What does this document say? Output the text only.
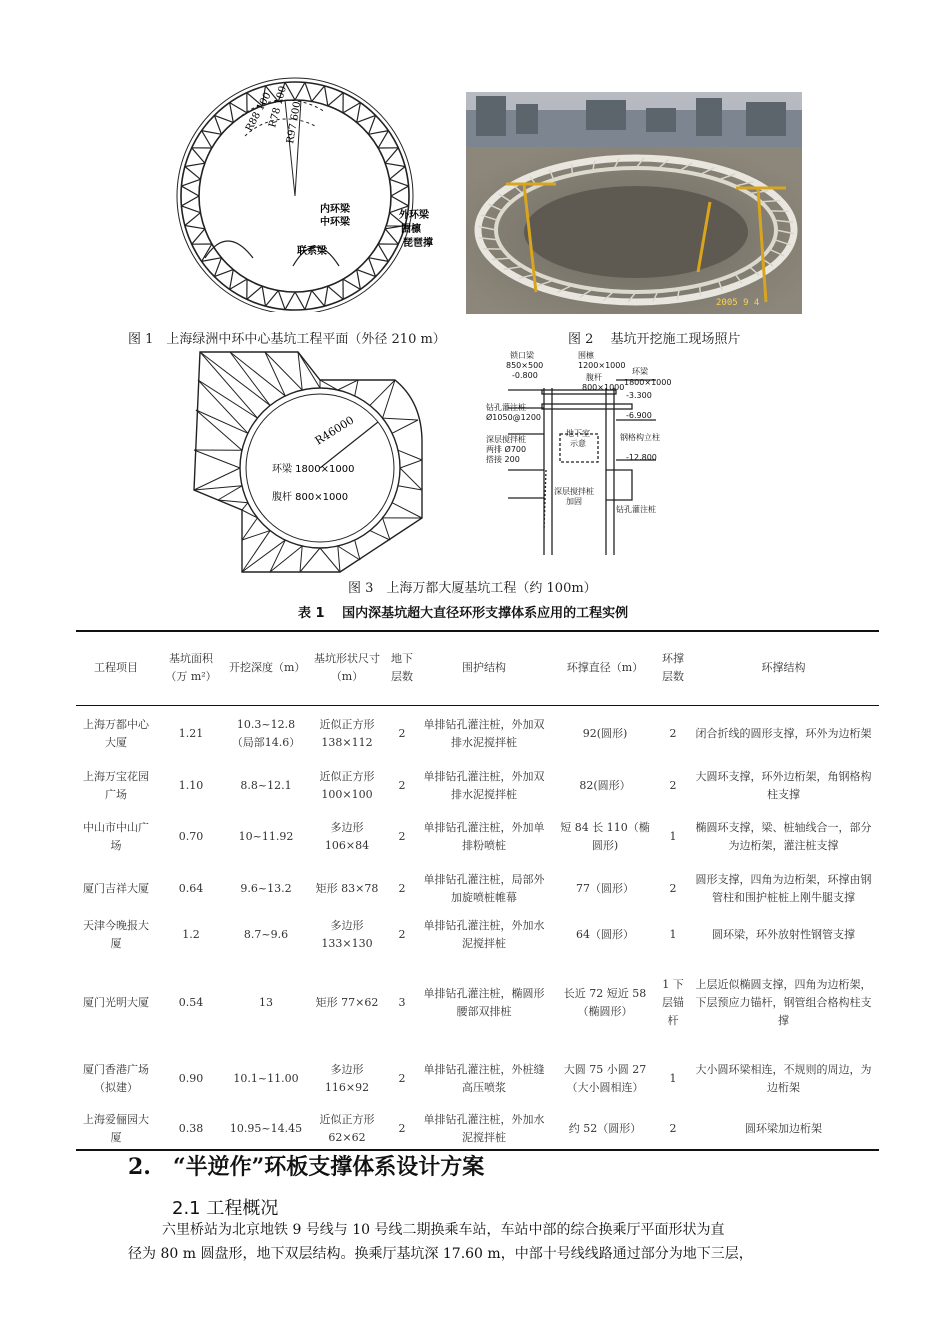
R88 100
R78 100
R97 600
内环梁
中环梁
外环梁
围檩
联系梁
琵琶撑
2005 9 4
图 1　上海绿洲中环中心基坑工程平面（外径 210 m）	图 2　 基坑开挖施工现场照片
R46000
环梁 1800×1000
腹杆 800×1000
锁口梁
850×500
-0.800
围檩
1200×1000
腹杆
800×1000
环梁
1800×1000
-3.300
钻孔灌注桩
Ø1050@1200	-6.900
深层搅拌桩
两排 Ø700
搭接 200
地下室
示意
钢格构立柱
-12.800
深层搅拌桩
加固
钻孔灌注桩
图 3　上海万都大厦基坑工程（约 100m）
表 1　 国内深基坑超大直径环形支撑体系应用的工程实例
工程项目	基坑面积（万 m²）	开挖深度（m）	基坑形状尺寸（m）	地下层数	围护结构	环撑直径（m）	环撑层数	环撑结构
上海万都中心大厦	1.21	10.3~12.8（局部14.6）	近似正方形 138×112	2	单排钻孔灌注桩，外加双排水泥搅拌桩	92(圆形)	2	闭合折线的圆形支撑，环外为边桁架
上海万宝花园广场	1.10	8.8~12.1	近似正方形 100×100	2	单排钻孔灌注桩，外加双排水泥搅拌桩	82(圆形）	2	大圆环支撑，环外边桁架，角钢格构柱支撑
中山市中山广场	0.70	10~11.92	多边形 106×84	2	单排钻孔灌注桩，外加单排粉喷桩	短 84 长 110（椭圆形)	1	椭圆环支撑，梁、桩轴线合一，部分为边桁架，灌注桩支撑
厦门吉祥大厦	0.64	9.6~13.2	矩形 83×78	2	单排钻孔灌注桩，局部外加旋喷桩帷幕	77（圆形）	2	圆形支撑，四角为边桁架，环撑由钢管柱和围护桩桩上刚牛腿支撑
天津今晚报大厦	1.2	8.7~9.6	多边形 133×130	2	单排钻孔灌注桩，外加水泥搅拌桩	64（圆形）	1	圆环梁，环外放射性钢管支撑
厦门光明大厦	0.54	13	矩形 77×62	3	单排钻孔灌注桩，椭圆形腰部双排桩	长近 72 短近 58（椭圆形）	1 下层锚杆	上层近似椭圆支撑，四角为边桁架，下层预应力锚杆，钢管组合格构柱支撑
厦门香港广场（拟建）	0.90	10.1~11.00	多边形 116×92	2	单排钻孔灌注桩，外桩缝高压喷浆	大圆 75 小圆 27（大小圆相连）	1	大小圆环梁相连，不规则的周边，为边桁架
上海爱俪园大厦	0.38	10.95~14.45	近似正方形 62×62	2	单排钻孔灌注桩，外加水泥搅拌桩	约 52（圆形）	2	圆环梁加边桁架
2.　“半逆作”环板支撑体系设计方案
2.1 工程概况
六里桥站为北京地铁 9 号线与 10 号线二期换乘车站，车站中部的综合换乘厅平面形状为直
径为 80 m 圆盘形，地下双层结构。换乘厅基坑深 17.60 m，中部十号线线路通过部分为地下三层，
